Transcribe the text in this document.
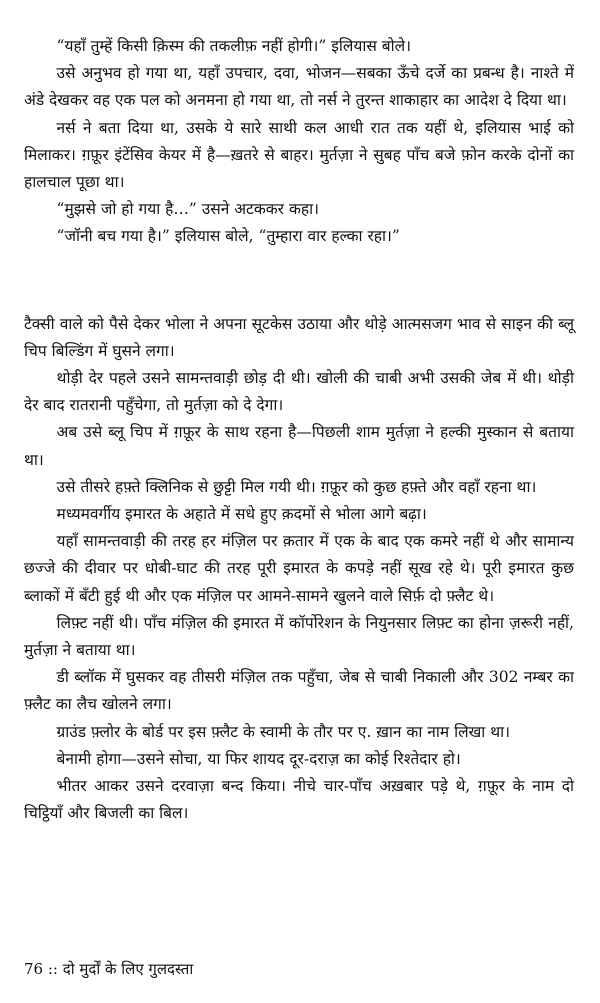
“यहाँ तुम्हें किसी क़िस्म की तकलीफ़ नहीं होगी।” इलियास बोले।

उसे अनुभव हो गया था, यहाँ उपचार, दवा, भोजन—सबका ऊँचे दर्जे का प्रबन्ध है। नाश्ते में अंडे देखकर वह एक पल को अनमना हो गया था, तो नर्स ने तुरन्त शाकाहार का आदेश दे दिया था।

नर्स ने बता दिया था, उसके ये सारे साथी कल आधी रात तक यहीं थे, इलियास भाई को मिलाकर। ग़फ़ूर इंटेंसिव केयर में है—ख़तरे से बाहर। मुर्तज़ा ने सुबह पाँच बजे फ़ोन करके दोनों का हालचाल पूछा था।

“मुझसे जो हो गया है…” उसने अटककर कहा।

“जॉनी बच गया है।” इलियास बोले, “तुम्हारा वार हल्का रहा।”

टैक्सी वाले को पैसे देकर भोला ने अपना सूटकेस उठाया और थोड़े आत्मसजग भाव से साइन की ब्लू चिप बिल्डिंग में घुसने लगा।

थोड़ी देर पहले उसने सामन्तवाड़ी छोड़ दी थी। खोली की चाबी अभी उसकी जेब में थी। थोड़ी देर बाद रातरानी पहुँचेगा, तो मुर्तज़ा को दे देगा।

अब उसे ब्लू चिप में ग़फ़ूर के साथ रहना है—पिछली शाम मुर्तज़ा ने हल्की मुस्कान से बताया था।

उसे तीसरे हफ़्ते क्लिनिक से छुट्टी मिल गयी थी। ग़फ़ूर को कुछ हफ़्ते और वहाँ रहना था।

मध्यमवर्गीय इमारत के अहाते में सधे हुए क़दमों से भोला आगे बढ़ा।

यहाँ सामन्तवाड़ी की तरह हर मंज़िल पर क़तार में एक के बाद एक कमरे नहीं थे और सामान्य छज्जे की दीवार पर धोबी-घाट की तरह पूरी इमारत के कपड़े नहीं सूख रहे थे। पूरी इमारत कुछ ब्लाकों में बँटी हुई थी और एक मंज़िल पर आमने-सामने खुलने वाले सिर्फ़ दो फ़्लैट थे।

लिफ़्ट नहीं थी। पाँच मंज़िल की इमारत में कॉर्पोरेशन के नियुनसार लिफ़्ट का होना ज़रूरी नहीं, मुर्तज़ा ने बताया था।

डी ब्लॉक में घुसकर वह तीसरी मंज़िल तक पहुँचा, जेब से चाबी निकाली और 302 नम्बर का फ़्लैट का लैच खोलने लगा।

ग्राउंड फ़्लोर के बोर्ड पर इस फ़्लैट के स्वामी के तौर पर ए. ख़ान का नाम लिखा था।

बेनामी होगा—उसने सोचा, या फिर शायद दूर-दराज़ का कोई रिश्तेदार हो।

भीतर आकर उसने दरवाज़ा बन्द किया। नीचे चार-पाँच अख़बार पड़े थे, ग़फ़ूर के नाम दो चिट्ठियाँ और बिजली का बिल।

76 :: दो मुर्दों के लिए गुलदस्ता
